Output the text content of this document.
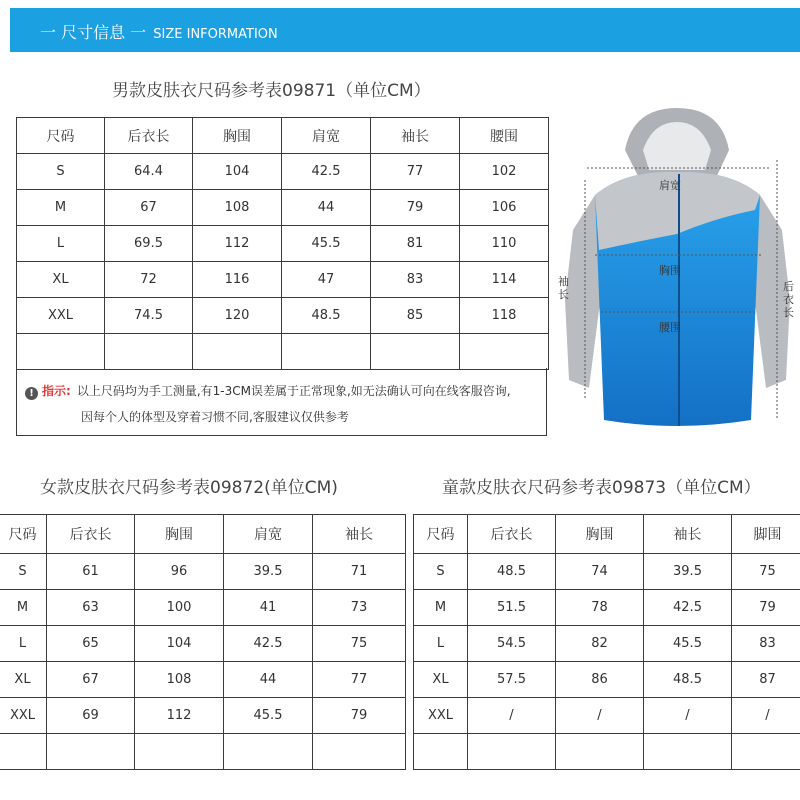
一 尺寸信息 一 SIZE INFORMATION
男款皮肤衣尺码参考表09871（单位CM）
尺码	后衣长	胸围	肩宽	袖长	腰围
S	64.4	104	42.5	77	102
M	67	108	44	79	106
L	69.5	112	45.5	81	110
XL	72	116	47	83	114
XXL	74.5	120	48.5	85	118

! 指示: 以上尺码均为手工测量,有1-3CM误差属于正常现象,如无法确认可向在线客服咨询,
因每个人的体型及穿着习惯不同,客服建议仅供参考
肩宽
胸围
腰围
袖长
后衣长
女款皮肤衣尺码参考表09872(单位CM)
尺码	后衣长	胸围	肩宽	袖长
S	61	96	39.5	71
M	63	100	41	73
L	65	104	42.5	75
XL	67	108	44	77
XXL	69	112	45.5	79

童款皮肤衣尺码参考表09873（单位CM）
尺码	后衣长	胸围	袖长	脚围
S	48.5	74	39.5	75
M	51.5	78	42.5	79
L	54.5	82	45.5	83
XL	57.5	86	48.5	87
XXL	/	/	/	/
